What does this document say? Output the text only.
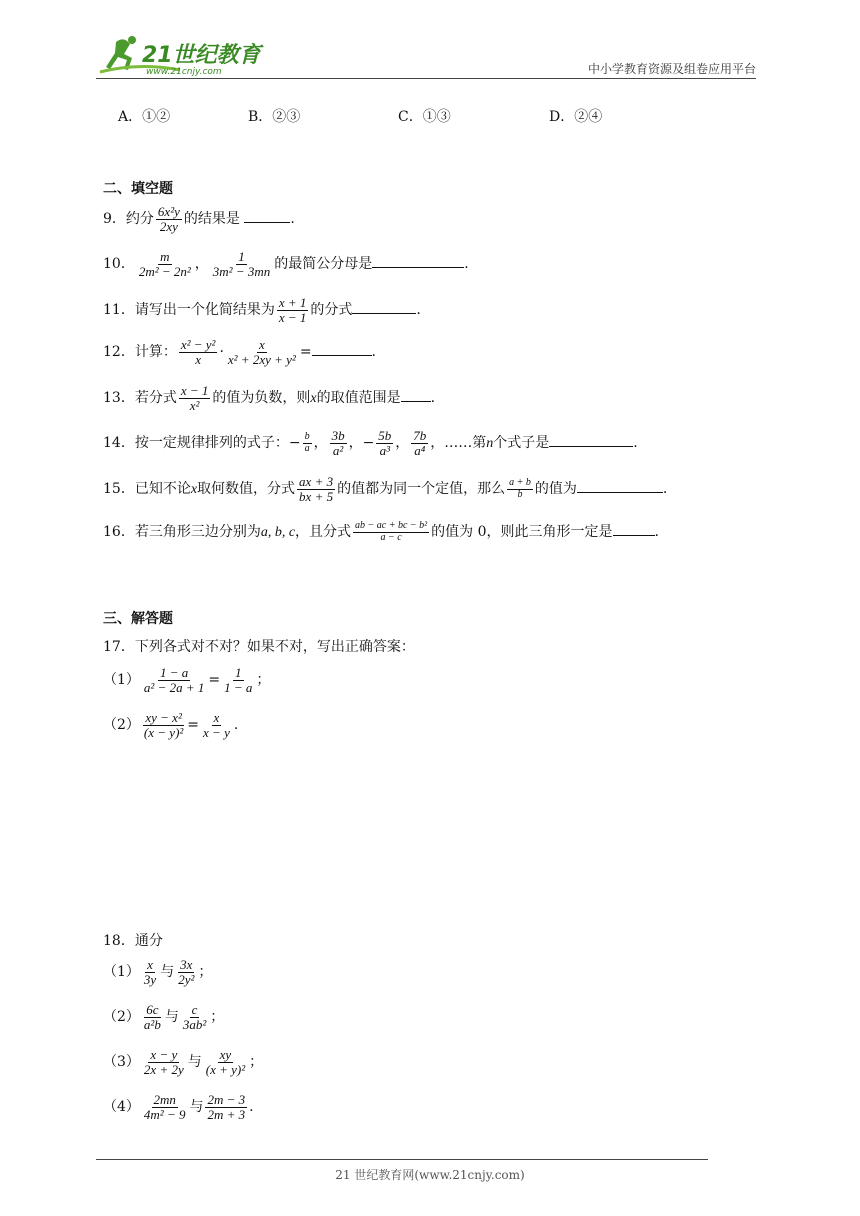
21世纪教育
www.21cnjy.com	中小学教育资源及组卷应用平台
A．①②	B．②③	C．①③	D．②④
二、填空题
9．约分 $\frac{\text{6x²y}}{2xy}$ 的结果是	.
10． $\frac{m}{\text{2m² − 2n²}}$ ， $\frac{1}{\text{3m² − 3mn}}$ 的最简公分母是	.
11．请写出一个化简结果为 $\frac{x + 1}{x - 1}$ 的分式	.
12．计算： $\frac{\text{x² − y²}}{x} \cdot \frac{x}{\text{x² + 2xy + y²}}$ =	.
13．若分式 $\frac{x - 1}{\text{x²}}$ 的值为负数，则x的取值范围是 .
14．按一定规律排列的式子：− $\frac{b}{a}$ ， $\frac{3b}{\text{a²}}$ ，− $\frac{5b}{\text{a³}}$ ， $\frac{7b}{\text{a⁴}}$ ，……第n个式子是	.
15．已知不论x取何数值，分式 $\frac{ax + 3}{bx + 5}$ 的值都为同一个定值，那么 $\frac{a + b}{b}$ 的值为	.
16．若三角形三边分别为a, b, c，且分式 $\frac{\text{ab − ac + bc − b²}}{a - c}$ 的值为 0，则此三角形一定是	.
三、解答题
17．下列各式对不对？如果不对，写出正确答案：
$(1) \frac{1 - a}{\text{a² − 2a + 1}} = \frac{1}{1 - a}$ ；
$(2) \frac{\text{xy − x²}}{\text{(x − y)²}} = \frac{x}{x - y}$ .
18．通分
$(1) \frac{x}{3y}$ 与 $\frac{3x}{\text{2y²}}$ ；
$(2) \frac{6c}{\text{a²b}}$ 与 $\frac{c}{\text{3ab²}}$ ；
$(3) \frac{x - y}{2x + 2y}$ 与 $\frac{xy}{\text{(x + y)²}}$ ；
$(4) \frac{2mn}{\text{4m² − 9}}$ 与 $\frac{2m - 3}{2m + 3}$ .
21 世纪教育网(www.21cnjy.com)
